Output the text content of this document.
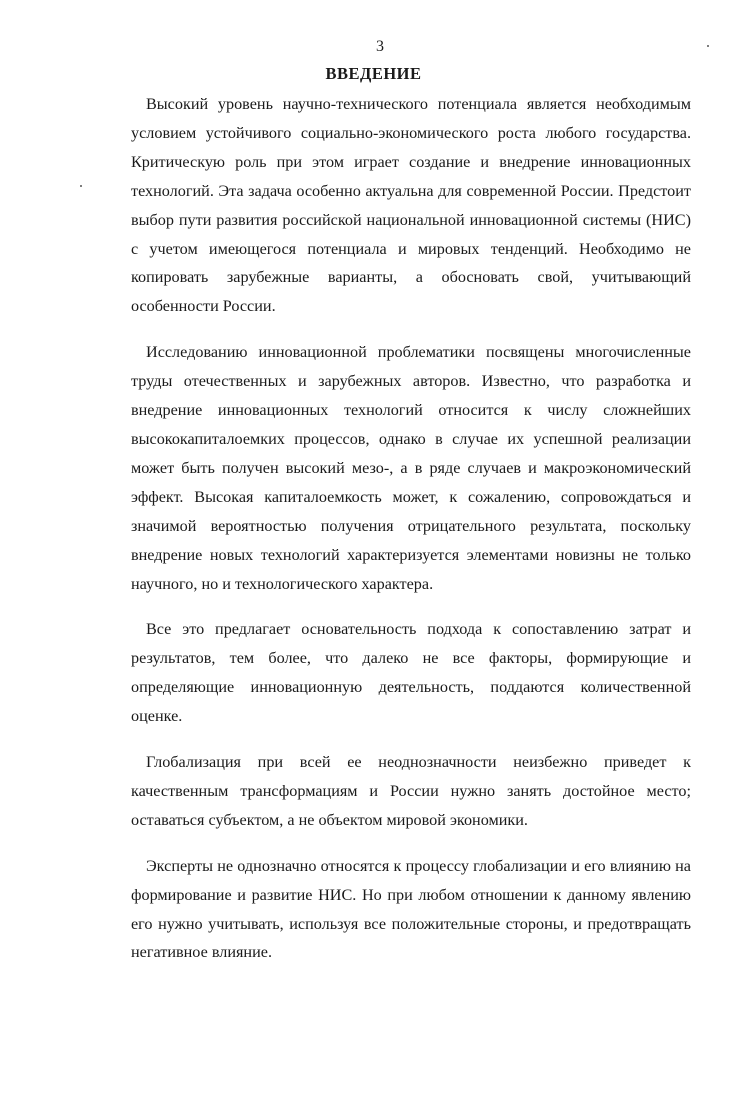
3
ВВЕДЕНИЕ

Высокий уровень научно-технического потенциала является необходимым условием устойчивого социально-экономического роста любого государства. Критическую роль при этом играет создание и внедрение инновационных технологий. Эта задача особенно актуальна для современной России. Предстоит выбор пути развития российской национальной инновационной системы (НИС) с учетом имеющегося потенциала и мировых тенденций. Необходимо не копировать зарубежные варианты, а обосновать свой, учитывающий особенности России.

Исследованию инновационной проблематики посвящены многочисленные труды отечественных и зарубежных авторов. Известно, что разработка и внедрение инновационных технологий относится к числу сложнейших высококапиталоемких процессов, однако в случае их успешной реализации может быть получен высокий мезо-, а в ряде случаев и макроэкономический эффект. Высокая капиталоемкость может, к сожалению, сопровождаться и значимой вероятностью получения отрицательного результата, поскольку внедрение новых технологий характеризуется элементами новизны не только научного, но и технологического характера.

Все это предлагает основательность подхода к сопоставлению затрат и результатов, тем более, что далеко не все факторы, формирующие и определяющие инновационную деятельность, поддаются количественной оценке.

Глобализация при всей ее неоднозначности неизбежно приведет к качественным трансформациям и России нужно занять достойное место; оставаться субъектом, а не объектом мировой экономики.

Эксперты не однозначно относятся к процессу глобализации и его влиянию на формирование и развитие НИС. Но при любом отношении к данному явлению его нужно учитывать, используя все положительные стороны, и предотвращать негативное влияние.
